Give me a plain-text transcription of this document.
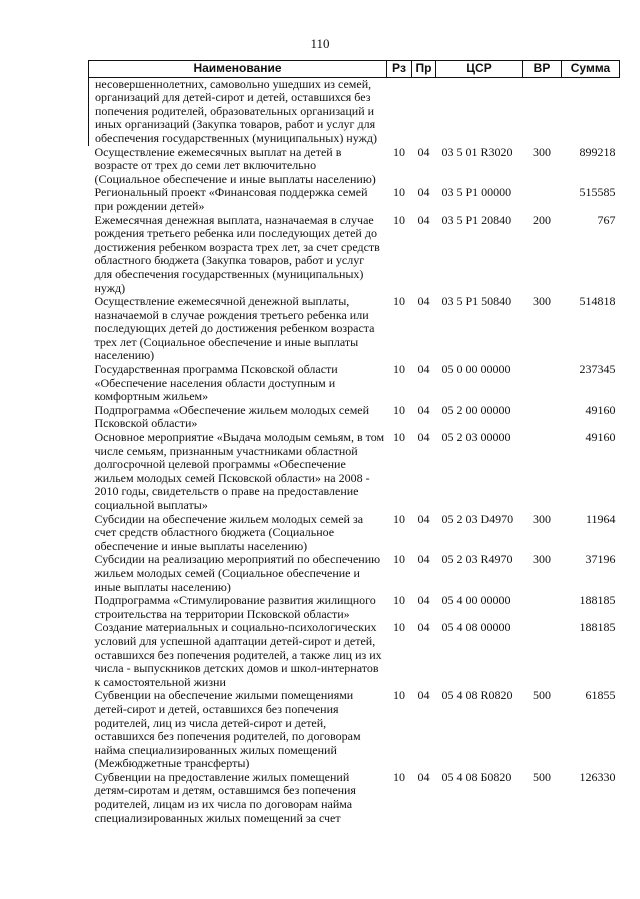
110
Наименование	Рз	Пр	ЦСР	ВР	Сумма
несовершеннолетних, самовольно ушедших из семей, организаций для детей-сирот и детей, оставшихся без попечения родителей, образовательных организаций и иных организаций (Закупка товаров, работ и услуг для обеспечения государственных (муниципальных) нужд)					
Осуществление ежемесячных выплат на детей в возрасте от трех до семи лет включительно (Социальное обеспечение и иные выплаты населению)	10	04	03 5 01 R3020	300	899218
Региональный проект «Финансовая поддержка семей при рождении детей»	10	04	03 5 P1 00000		515585
Ежемесячная денежная выплата, назначаемая в случае рождения третьего ребенка или последующих детей до достижения ребенком возраста трех лет, за счет средств областного бюджета (Закупка товаров, работ и услуг для обеспечения государственных (муниципальных) нужд)	10	04	03 5 P1 20840	200	767
Осуществление ежемесячной денежной выплаты, назначаемой в случае рождения третьего ребенка или последующих детей до достижения ребенком возраста трех лет (Социальное обеспечение и иные выплаты населению)	10	04	03 5 P1 50840	300	514818
Государственная программа Псковской области «Обеспечение населения области доступным и комфортным жильем»	10	04	05 0 00 00000		237345
Подпрограмма «Обеспечение жильем молодых семей Псковской области»	10	04	05 2 00 00000		49160
Основное мероприятие «Выдача молодым семьям, в том числе семьям, признанным участниками областной долгосрочной целевой программы «Обеспечение жильем молодых семей Псковской области» на 2008 - 2010 годы, свидетельств о праве на предоставление социальной выплаты»	10	04	05 2 03 00000		49160
Субсидии на обеспечение жильем молодых семей за счет средств областного бюджета (Социальное обеспечение и иные выплаты населению)	10	04	05 2 03 D4970	300	11964
Субсидии на реализацию мероприятий по обеспечению жильем молодых семей (Социальное обеспечение и иные выплаты населению)	10	04	05 2 03 R4970	300	37196
Подпрограмма «Стимулирование развития жилищного строительства на территории Псковской области»	10	04	05 4 00 00000		188185
Создание материальных и социально-психологических условий для успешной адаптации детей-сирот и детей, оставшихся без попечения родителей, а также лиц из их числа - выпускников детских домов и школ-интернатов к самостоятельной жизни	10	04	05 4 08 00000		188185
Субвенции на обеспечение жилыми помещениями детей-сирот и детей, оставшихся без попечения родителей, лиц из числа детей-сирот и детей, оставшихся без попечения родителей, по договорам найма специализированных жилых помещений (Межбюджетные трансферты)	10	04	05 4 08 R0820	500	61855
Субвенции на предоставление жилых помещений детям-сиротам и детям, оставшимся без попечения родителей, лицам из их числа по договорам найма специализированных жилых помещений за счет	10	04	05 4 08 Б0820	500	126330
